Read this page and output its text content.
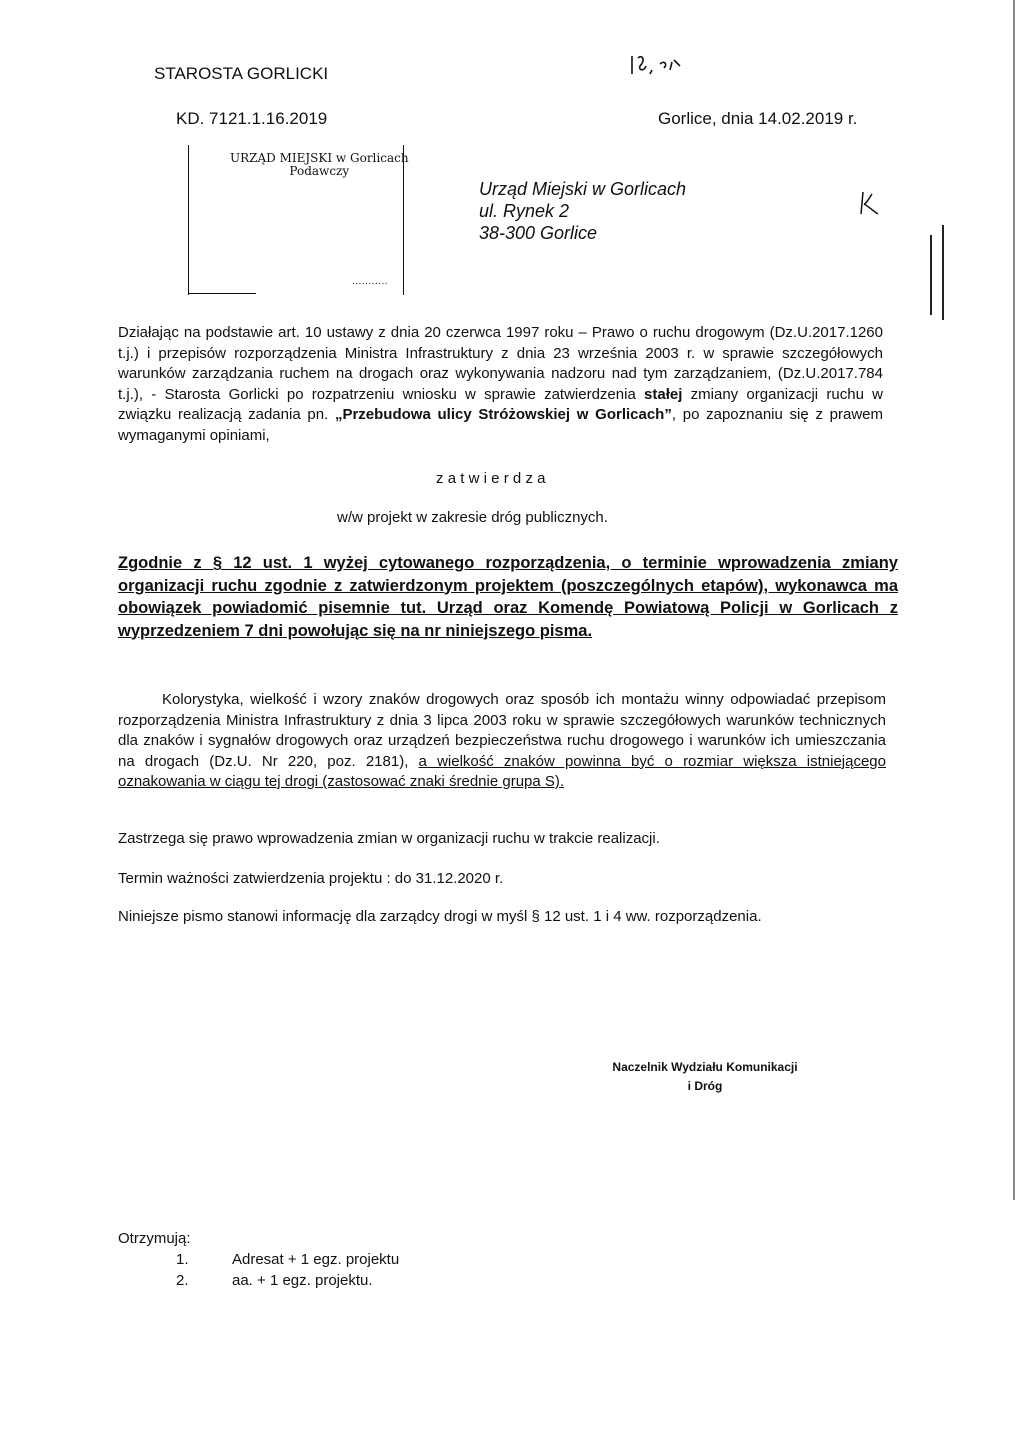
STAROSTA GORLICKI
KD. 7121.1.16.2019	Gorlice, dnia 14.02.2019 r.
URZĄD MIEJSKI w Gorlicach
Podawczy
...........
Urząd Miejski w Gorlicach
ul. Rynek 2
38-300 Gorlice
Działając na podstawie art. 10 ustawy z dnia 20 czerwca 1997 roku – Prawo o ruchu drogowym (Dz.U.2017.1260 t.j.) i przepisów rozporządzenia Ministra Infrastruktury z dnia 23 września 2003 r. w sprawie szczegółowych warunków zarządzania ruchem na drogach oraz wykonywania nadzoru nad tym zarządzaniem, (Dz.U.2017.784 t.j.), - Starosta Gorlicki po rozpatrzeniu wniosku w sprawie zatwierdzenia stałej zmiany organizacji ruchu w związku realizacją zadania pn. „Przebudowa ulicy Stróżowskiej w Gorlicach”, po zapoznaniu się z prawem wymaganymi opiniami,
zatwierdza
w/w projekt w zakresie dróg publicznych.
Zgodnie z § 12 ust. 1 wyżej cytowanego rozporządzenia, o terminie wprowadzenia zmiany organizacji ruchu zgodnie z zatwierdzonym projektem (poszczególnych etapów), wykonawca ma obowiązek powiadomić pisemnie tut. Urząd oraz Komendę Powiatową Policji w Gorlicach z wyprzedzeniem 7 dni powołując się na nr niniejszego pisma.
Kolorystyka, wielkość i wzory znaków drogowych oraz sposób ich montażu winny odpowiadać przepisom rozporządzenia Ministra Infrastruktury z dnia 3 lipca 2003 roku w sprawie szczegółowych warunków technicznych dla znaków i sygnałów drogowych oraz urządzeń bezpieczeństwa ruchu drogowego i warunków ich umieszczania na drogach (Dz.U. Nr 220, poz. 2181), a wielkość znaków powinna być o rozmiar większa istniejącego oznakowania w ciągu tej drogi (zastosować znaki średnie grupa S).
Zastrzega się prawo wprowadzenia zmian w organizacji ruchu w trakcie realizacji.
Termin ważności zatwierdzenia projektu : do 31.12.2020 r.
Niniejsze pismo stanowi informację dla zarządcy drogi w myśl § 12 ust. 1 i 4 ww. rozporządzenia.
Naczelnik Wydziału Komunikacji
i Dróg
Otrzymują:
1.	Adresat + 1 egz. projektu
2.	aa. + 1 egz. projektu.
